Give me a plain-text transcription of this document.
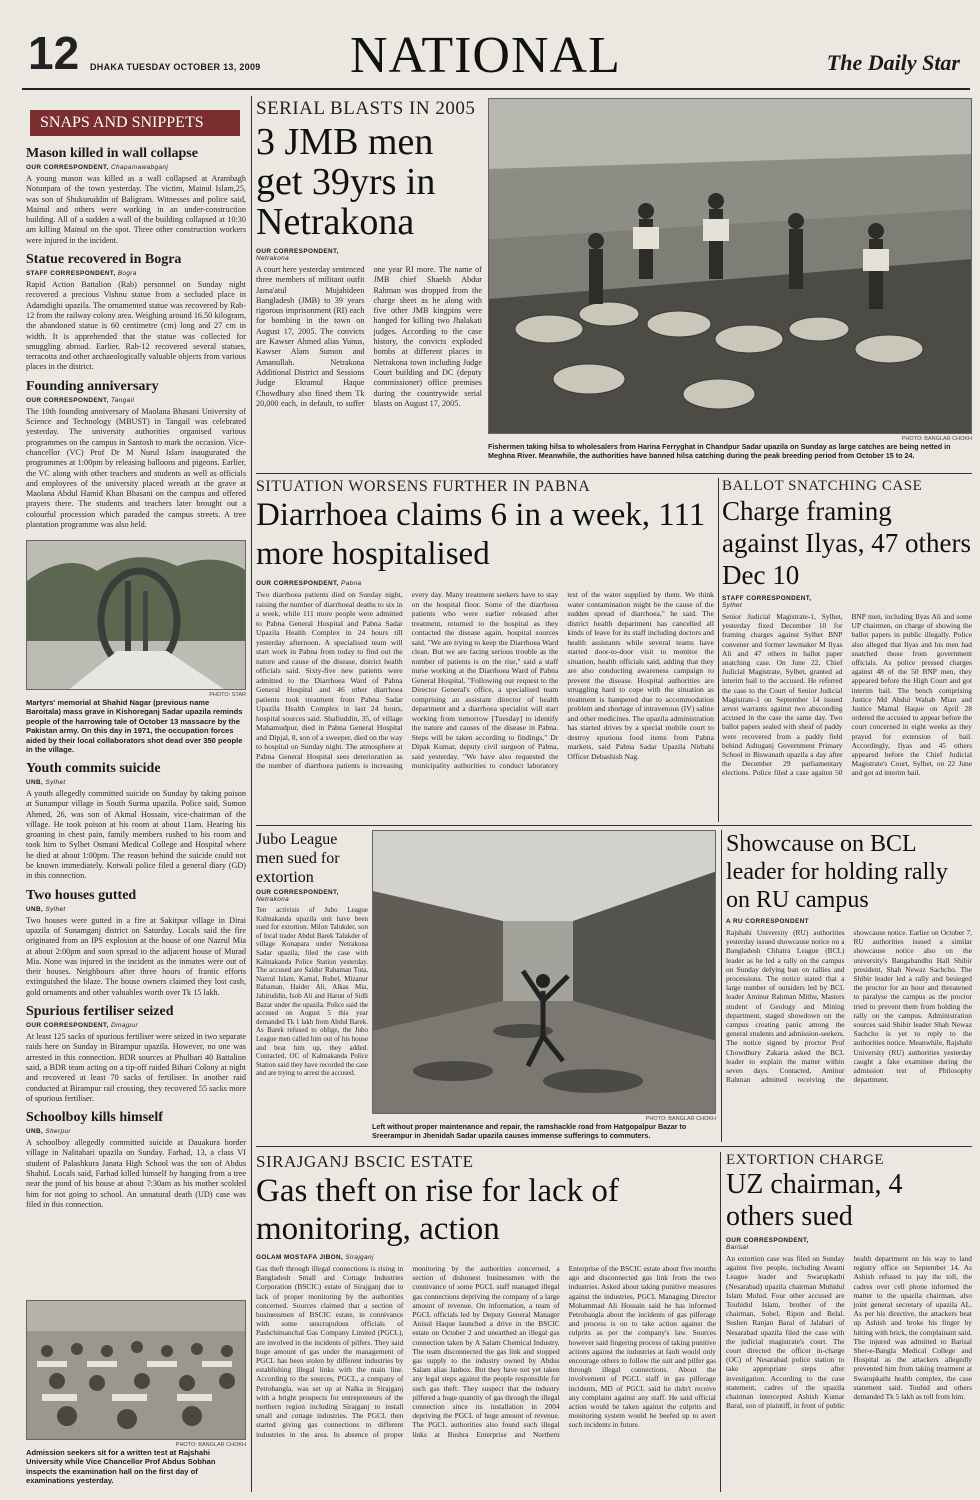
12 DHAKA TUESDAY OCTOBER 13, 2009 NATIONAL	The Daily Star
SNAPS AND SNIPPETS
Mason killed in wall collapse
OUR CORRESPONDENT, Chapainawabganj
A young mason was killed as a wall collapsed at Arambagh Notunpara of the town yesterday. The victim, Mainul Islam,25, was son of Shukuruddin of Baligram. Witnesses and police said, Mainul and others were working in an under-construction building. All of a sudden a wall of the building collapsed at 10:30 am killing Mainul on the spot. Three other construction workers were injured in the incident.
Statue recovered in Bogra
STAFF CORRESPONDENT, Bogra
Rapid Action Battalion (Rab) personnel on Sunday night recovered a precious Vishnu statue from a secluded place in Adamdighi upazila. The ornamented statue was recovered by Rab-12 from the railway colony area. Weighing around 16.50 kilogram, the abandoned statue is 60 centimetre (cm) long and 27 cm in width. It is apprehended that the statue was collected for smuggling abroad. Earlier, Rab-12 recovered several statues, terracotta and other archaeologically valuable objects from various places in the district.
Founding anniversary
OUR CORRESPONDENT, Tangail
The 10th founding anniversary of Maolana Bhasani University of Science and Technology (MBUST) in Tangail was celebrated yesterday. The university authorities organised various programmes on the campus in Santosh to mark the occasion. Vice-chancellor (VC) Prof Dr M Nurul Islam inaugurated the programmes at 1:00pm by releasing balloons and pigeons. Earlier, the VC along with other teachers and students as well as officials and employees of the university placed wreath at the grave at Maolana Abdul Hamid Khan Bhasani on the campus and offered prayers there. The students and teachers later brought out a colourful procession which paraded the campus streets. A tree plantation programme was also held.
PHOTO: STAR
Martyrs' memorial at Shahid Nagar (previous name Baroitala) mass grave in Kishoreganj Sadar upazila reminds people of the harrowing tale of October 13 massacre by the Pakistan army. On this day in 1971, the occupation forces aided by their local collaborators shot dead over 350 people in the village.
Youth commits suicide
UNB, Sylhet
A youth allegedly committed suicide on Sunday by taking poison at Sunampur village in South Surma upazila. Police said, Sumon Ahmed, 26, was son of Akmal Hossain, vice-chairman of the village. He took poison at his room at about 11am. Hearing his groaning in chest pain, family members rushed to his room and took him to Sylhet Osmani Medical College and Hospital where he died at about 1:00pm. The reason behind the suicide could not be known immediately. Kotwali police filed a general diary (GD) in this connection.
Two houses gutted
UNB, Sylhet
Two houses were gutted in a fire at Sakitpur village in Dirai upazila of Sunamganj district on Saturday. Locals said the fire originated from an IPS explosion at the house of one Nazrul Mia at about 2:00pm and soon spread to the adjacent house of Murad Mia. None was injured in the incident as the inmates were out of their houses. Neighbours after three hours of frantic efforts extinguished the blaze. The house owners claimed they lost cash, gold ornaments and other valuables worth over Tk 15 lakh.
Spurious fertiliser seized
OUR CORRESPONDENT, Dinajpur
At least 125 sacks of spurious fertiliser were seized in two separate raids here on Sunday in Birampur upazila. However, no one was arrested in this connection. BDR sources at Phulbari 40 Battalion said, a BDR team acting on a tip-off raided Bihari Colony at night and recovered at least 70 sacks of fertiliser. In another raid conducted at Birampur rail crossing, they recovered 55 sacks more of spurious fertiliser.
Schoolboy kills himself
UNB, Sherpur
A schoolboy allegedly committed suicide at Dauakura border village in Nalitabari upazila on Sunday. Farhad, 13, a class VI student of Palashkura Janata High School was the son of Abdus Shahid. Locals said, Farhad killed himself by hanging from a tree near the pond of his house at about 7:30am as his mother scolded him for not going to school. An unnatural death (UD) case was filed in this connection.
PHOTO: BANGLAR CHOKH
Admission seekers sit for a written test at Rajshahi University while Vice Chancellor Prof Abdus Sobhan inspects the examination hall on the first day of examinations yesterday.
SERIAL BLASTS IN 2005
3 JMB men get 39yrs in Netrakona
OUR CORRESPONDENT,
Netrakona
A court here yesterday sentenced three members of militant outfit Jama'atul Mujahideen Bangladesh (JMB) to 39 years rigorous imprisonment (RI) each for bombing in the town on August 17, 2005. The convicts are Kawser Ahmed alias Yunus, Kawser Alam Sumon and Amanullah. Netrakona Additional District and Sessions Judge Ekramul Haque Chowdhury also fined them Tk 20,000 each, in default, to suffer one year RI more. The name of JMB chief Shaekh Abdur Rahman was dropped from the charge sheet as he along with five other JMB kingpins were hanged for killing two Jhalakati judges. According to the case history, the convicts exploded bombs at different places in Netrakona town including Judge Court building and DC (deputy commissioner) office premises during the countrywide serial blasts on August 17, 2005.
PHOTO: BANGLAR CHOKH
Fishermen taking hilsa to wholesalers from Harina Ferryghat in Chandpur Sadar upazila on Sunday as large catches are being netted in Meghna River. Meanwhile, the authorities have banned hilsa catching during the peak breeding period from October 15 to 24.
SITUATION WORSENS FURTHER IN PABNA
Diarrhoea claims 6 in a week, 111 more hospitalised
OUR CORRESPONDENT, Pabna
Two diarrhoea patients died on Sunday night, raising the number of diarrhoeal deaths to six in a week, while 111 more people were admitted to Pabna General Hospital and Pabna Sadar Upazila Health Complex in 24 hours till yesterday afternoon. A specialised team will start work in Pabna from today to find out the nature and cause of the disease, district health officials said. Sixty-five new patients were admitted to the Diarrhoea Ward of Pabna General Hospital and 46 other diarrhoea patients took treatment from Pabna Sadar Upazila Health Complex in last 24 hours, hospital sources said. Shafiuddin, 35, of village Mahamudpur, died in Pabna General Hospital and Dipjal, 8, son of a sweeper, died on the way to hospital on Sunday night. The atmosphere at Pabna General Hospital sees deterioration as the number of diarrhoea patients is increasing every day. Many treatment seekers have to stay on the hospital floor. Some of the diarrhoea patients who were earlier released after treatment, returned to the hospital as they contacted the disease again, hospital sources said. "We are trying to keep the Diarrhoea Ward clean. But we are facing serious trouble as the number of patients is on the rise," said a staff nurse working at the Diarrhoea Ward of Pabna General Hospital. "Following our request to the Director General's office, a specialised team comprising an assistant director of health department and a diarrhoea specialist will start working from tomorrow [Tuesday] to identify the nature and causes of the disease in Pabna. Steps will be taken according to findings," Dr Dipak Kumar, deputy civil surgeon of Pabna, said yesterday. "We have also requested the municipality authorities to conduct laboratory test of the water supplied by them. We think water contamination might be the cause of the sudden spread of diarrhoea," he said. The district health department has cancelled all kinds of leave for its staff including doctors and health assistants while several teams have started door-to-door visit to monitor the situation, health officials said, adding that they are also conducting awareness campaign to prevent the disease. Hospital authorities are struggling hard to cope with the situation as treatment is hampered due to accommodation problem and shortage of intravenous (IV) saline and other medicines. The upazila administration has started drives by a special mobile court to destroy spurious food items from Pabna markets, said Pabna Sadar Upazila Nirbahi Officer Debashish Nag.
BALLOT SNATCHING CASE
Charge framing against Ilyas, 47 others Dec 10
STAFF CORRESPONDENT,
Sylhet
Senior Judicial Magistrate-1, Sylhet, yesterday fixed December 10 for framing charges against Sylhet BNP convener and former lawmaker M Ilyas Ali and 47 others in ballot paper snatching case. On June 22, Chief Judicial Magistrate, Sylhet, granted ad interim bail to the accused. He referred the case to the Court of Senior Judicial Magistrate-1 on September 14 issued arrest warrants against two absconding accused in the case the same day. Two ballot papers sealed with sheaf of paddy were recovered from a paddy field behind Ashuganj Government Primary School in Biswanath upazila a day after the December 29 parliamentary elections. Police filed a case against 50 BNP men, including Ilyas Ali and some UP chairmen, on charge of showing the ballot papers in public illegally. Police also alleged that Ilyas and his men had snatched those from government officials. As police pressed charges against 48 of the 50 BNP men, they appeared before the High Court and got interim bail. The bench comprising Justice Md Abdul Wahab Mian and Justice Mamal Haque on April 28 ordered the accused to appear before the court concerned in eight weeks as they prayed for extension of bail. Accordingly, Ilyas and 45 others appeared before the Chief Judicial Magistrate's Court, Sylhet, on 22 June and got ad interim bail.
Jubo League men sued for extortion
OUR CORRESPONDENT,
Netrakona
Ten activists of Jubo League Kalmakanda upazila unit have been sued for extortion. Milon Talukder, son of local trader Abdul Barek Talukder of village Konapara under Netrakona Sadar upazila, filed the case with Kalmakanda Police Station yesterday. The accused are Saidur Rahaman Tuta, Nazrul Islam, Kamal, Rubel, Mizanur Rahaman, Haider Ali, Alkas Mia, Jahiruddin, Isob Ali and Harun of Sidli Bazar under the upazila. Police said the accused on August 5 this year demanded Tk 1 lakh from Abdul Barek. As Barek refused to oblige, the Jubo League men called him out of his house and beat him up, they added. Contacted, OC of Kalmakanda Police Station said they have recorded the case and are trying to arrest the accused.
PHOTO: BANGLAR CHOKH
Left without proper maintenance and repair, the ramshackle road from Hatgopalpur Bazar to Sreerampur in Jhenidah Sadar upazila causes immense sufferings to commuters.
Showcause on BCL leader for holding rally on RU campus
A RU CORRESPONDENT
Rajshahi University (RU) authorities yesterday issued showcause notice on a Bangladesh Chhatra League (BCL) leader as he led a rally on the campus on Sunday defying ban on rallies and processions. The notice stated that a large number of outsiders led by BCL leader Aminur Rahman Mithu, Masters student of Geology and Mining department, staged showdown on the campus creating panic among the general students and admission-seekers. The notice signed by proctor Prof Chowdhury Zakaria asked the BCL leader to explain the matter within seven days. Contacted, Aminur Rahman admitted receiving the showcause notice. Earlier on October 7, RU authorities issued a similar showcause notice also on the university's Bangabandhu Hall Shibir president, Shah Newaz Sachcho. The Shibir leader led a rally and besieged the proctor for an hour and threatened to paralyse the campus as the proctor tried to prevent them from holding the rally on the campus. Administration sources said Shibir leader Shah Newaz Sachcho is yet to reply to the authorities notice. Meanwhile, Rajshahi University (RU) authorities yesterday caught a fake examinee during the admission test of Philosophy department.
SIRAJGANJ BSCIC ESTATE
Gas theft on rise for lack of monitoring, action
GOLAM MOSTAFA JIBON, Sirajganj
Gas theft through illegal connections is rising in Bangladesh Small and Cottage Industries Corporation (BSCIC) estate of Sirajganj due to lack of proper monitoring by the authorities concerned. Sources claimed that a section of businessmen of BSCIC estate, in connivance with some unscrupulous officials of Pashchimanchal Gas Company Limited (PGCL), are involved in the incidents of pilfers. They said huge amount of gas under the management of PGCL has been stolen by different industries by establishing illegal links with the main line. According to the sources, PGCL, a company of Petrobangla, was set up at Nalka in Sirajganj with a bright prospects for entrepreneurs of the northern region including Sirajganj to install small and cottage industries. The PGCL then started giving gas connections to different industries in the area. In absence of proper monitoring by the authorities concerned, a section of dishonest businessmen with the connivance of some PGCL staff managed illegal gas connections depriving the company of a large amount of revenue. On information, a team of PGCL officials led by Deputy General Manager Anisul Haque launched a drive in the BSCIC estate on October 2 and unearthed an illegal gas connection taken by A Salam Chemical Industry. The team disconnected the gas link and stopped gas supply to the industry owned by Abdus Salam alias Janbox. But they have not yet taken any legal steps against the people responsible for such gas theft. They suspect that the industry pilfered a huge quantity of gas through the illegal connection since its installation in 2004 depriving the PGCL of huge amount of revenue. The PGCL authorities also found such illegal links at Bushra Enterprise and Northern Enterprise of the BSCIC estate about five months ago and disconnected gas link from the two industries. Asked about taking punitive measures against the industries, PGCL Managing Director Mohammad Ali Hossain said he has informed Petrobangla about the incidents of gas pilferage and process is on to take action against the culprits as per the company's law. Sources however said fingering process of taking punitive actions against the industries at fault would only encourage others to follow the suit and pilfer gas through illegal connections. About the involvement of PGCL staff in gas pilferage incidents, MD of PGCL said he didn't receive any complaint against any staff. He said official action would be taken against the culprits and monitoring system would be beefed up to avert such incidents in future.
EXTORTION CHARGE
UZ chairman, 4 others sued
OUR CORRESPONDENT,
Barisal
An extortion case was filed on Sunday against five people, including Awami League leader and Swarupkathi (Nesarabad) upazila chairman Muhidul Islam Muhid. Four other accused are Touhidul Islam, brother of the chairman, Sobel, Ripon and Belal. Sushen Ranjan Baral of Jalabari of Nesarabad upazila filed the case with the judicial magistrate's court. The court directed the officer in-charge (OC) of Nesarabad police station to take appropriate steps after investigation. According to the case statement, cadres of the upazila chairman intercepted Ashish Kumar Baral, son of plaintiff, in front of public health department on his way to land registry office on September 14. As Ashish refused to pay the toll, the cadres over cell phone informed the matter to the upazila chairman, also joint general secretary of upazila AL. As per his directive, the attackers beat up Ashish and broke his finger by hitting with brick, the complainant said. The injured was admitted to Barisal Sher-e-Bangla Medical College and Hospital as the attackers allegedly prevented him from taking treatment at Swarupkathi health complex, the case statement said. Touhid and others demanded Tk 5 lakh as toll from him.
